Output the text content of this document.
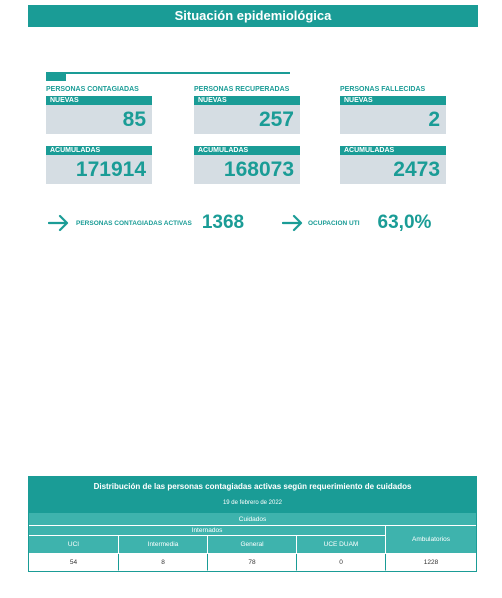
Situación epidemiológica
PERSONAS CONTAGIADAS
NUEVAS
85
ACUMULADAS
171914
PERSONAS RECUPERADAS
NUEVAS
257
ACUMULADAS
168073
PERSONAS FALLECIDAS
NUEVAS
2
ACUMULADAS
2473
PERSONAS CONTAGIADAS ACTIVAS 1368	OCUPACION UTI 63,0%
Distribución de las personas contagiadas activas según requerimiento de cuidados
19 de febrero de 2022
Cuidados
Internados
UCI	Intermedia	General	UCE DUAM
Ambulatorios
54	8	78	0	1228
